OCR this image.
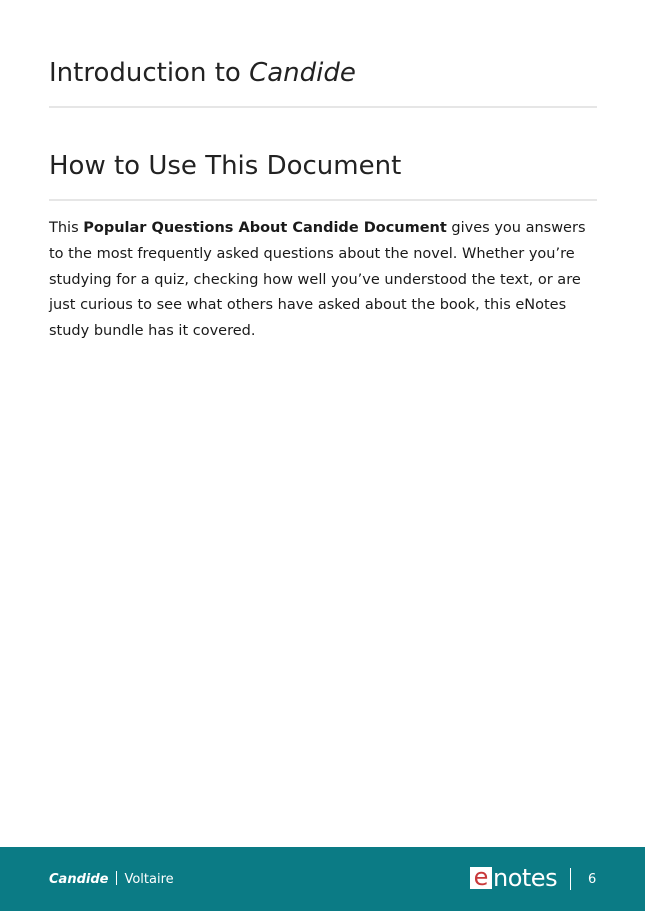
Introduction to Candide
How to Use This Document

This Popular Questions About Candide Document gives you answers to the most frequently asked questions about the novel. Whether you’re studying for a quiz, checking how well you’ve understood the text, or are just curious to see what others have asked about the book, this eNotes study bundle has it covered.

Candide Voltaire	e notes 6
